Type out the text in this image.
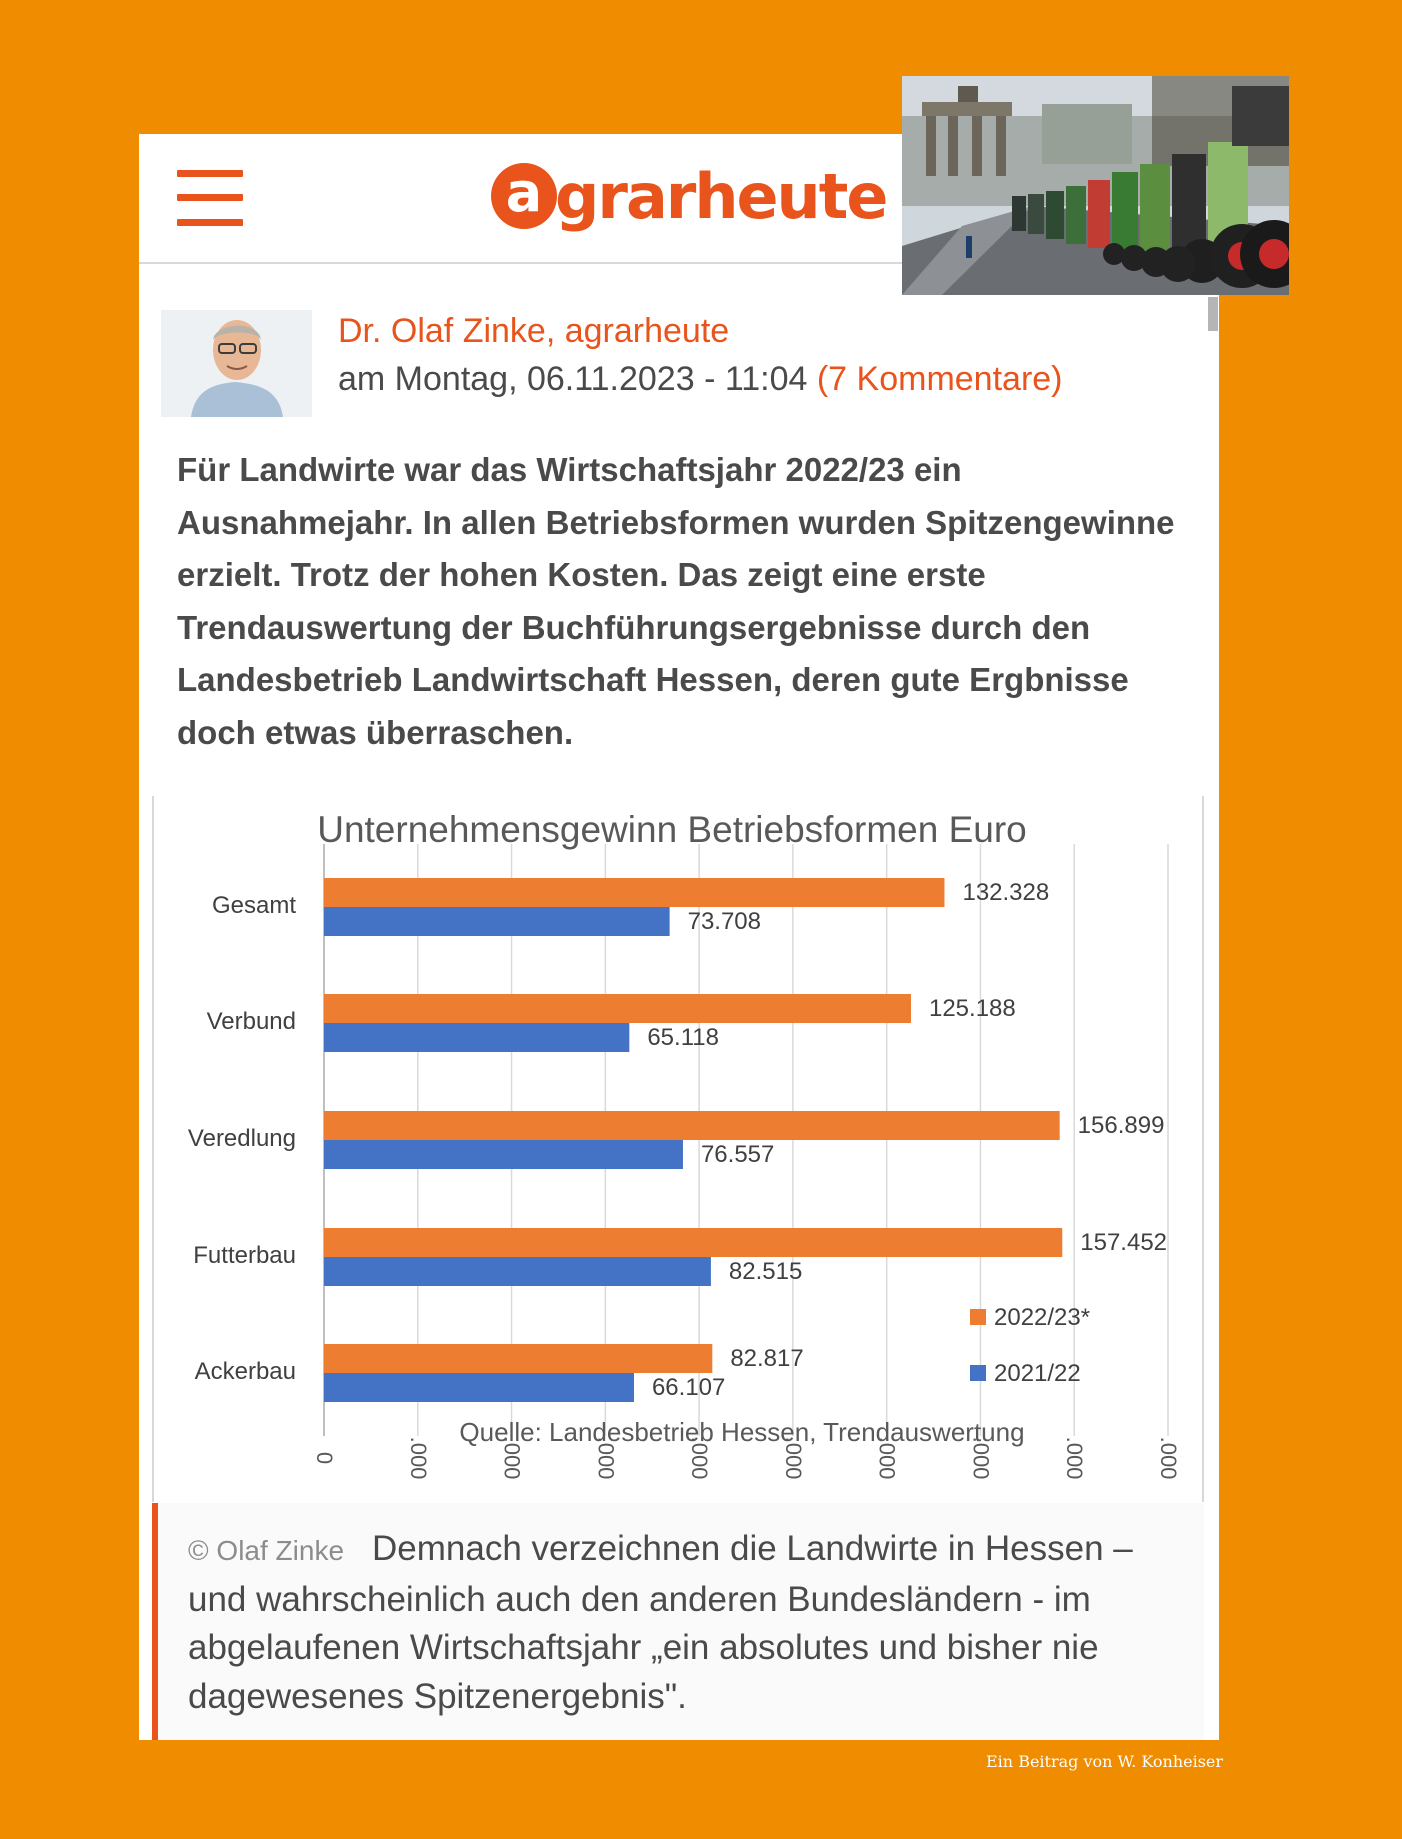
a grarheute
Dr. Olaf Zinke, agrarheute
am Montag, 06.11.2023 - 11:04 (7 Kommentare)
Für Landwirte war das Wirtschaftsjahr 2022/23 ein Ausnahmejahr. In allen Betriebsformen wurden Spitzengewinne erzielt. Trotz der hohen Kosten. Das zeigt eine erste Trendauswertung der Buchführungsergebnisse durch den Landesbetrieb Landwirtschaft Hessen, deren gute Ergbnisse doch etwas überraschen.
0	.000	.000	.000	.000	.000	.000	.000	.000	.000
Unternehmensgewinn Betriebsformen Euro
Gesamt	132.328
73.708
Verbund	125.188
65.118
Veredlung	156.899
76.557
Futterbau	157.452
82.515
Ackerbau	82.817
66.107
2022/23*
2021/22
Quelle: Landesbetrieb Hessen, Trendauswertung
© Olaf Zinke Demnach verzeichnen die Landwirte in Hessen – und wahrscheinlich auch den anderen Bundesländern - im abgelaufenen Wirtschaftsjahr „ein absolutes und bisher nie dagewesenes Spitzenergebnis".
Ein Beitrag von W. Konheiser
